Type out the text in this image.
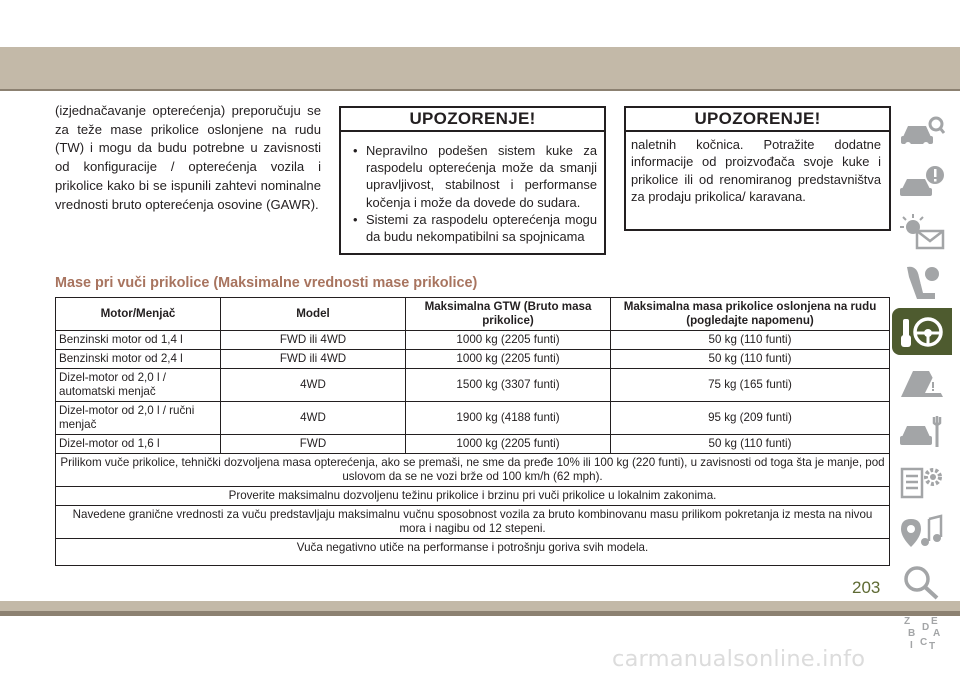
(izjednačavanje opterećenja) preporučuju se za teže mase prikolice oslonjene na rudu (TW) i mogu da budu potrebne u zavisnosti od konfiguracije / opterećenja vozila i prikolice kako bi se ispunili zahtevi nominalne vrednosti bruto opterećenja osovine (GAWR).

UPOZORENJE!
• Nepravilno podešen sistem kuke za raspodelu opterećenja može da smanji upravljivost, stabilnost i performanse kočenja i može da dovede do sudara.
• Sistemi za raspodelu opterećenja mogu da budu nekompatibilni sa spojnicama
UPOZORENJE!

naletnih kočnica. Potražite dodatne informacije od proizvođača svoje kuke i prikolice ili od renomiranog predstavništva za prodaju prikolica/ karavana.

Mase pri vuči prikolice (Maksimalne vrednosti mase prikolice)
Motor/Menjač	Model	Maksimalna GTW (Bruto masa prikolice)	Maksimalna masa prikolice oslonjena na rudu (pogledajte napomenu)
Benzinski motor od 1,4 l	FWD ili 4WD	1000 kg (2205 funti)	50 kg (110 funti)
Benzinski motor od 2,4 l	FWD ili 4WD	1000 kg (2205 funti)	50 kg (110 funti)
Dizel-motor od 2,0 l / automatski menjač	4WD	1500 kg (3307 funti)	75 kg (165 funti)
Dizel-motor od 2,0 l / ručni menjač	4WD	1900 kg (4188 funti)	95 kg (209 funti)
Dizel-motor od 1,6 l	FWD	1000 kg (2205 funti)	50 kg (110 funti)
Prilikom vuče prikolice, tehnički dozvoljena masa opterećenja, ako se premaši, ne sme da pređe 10% ili 100 kg (220 funti), u zavisnosti od toga šta je manje, pod uslovom da se ne vozi brže od 100 km/h (62 mph).			
Proverite maksimalnu dozvoljenu težinu prikolice i brzinu pri vuči prikolice u lokalnim zakonima.			
Navedene granične vrednosti za vuču predstavljaju maksimalnu vučnu sposobnost vozila za bruto kombinovanu masu prilikom pokretanja iz mesta na nivou mora i nagibu od 12 stepeni.			
Vuča negativno utiče na performanse i potrošnju goriva svih modela.			
Z E
B A
D
C
I T

203

carmanualsonline.info
